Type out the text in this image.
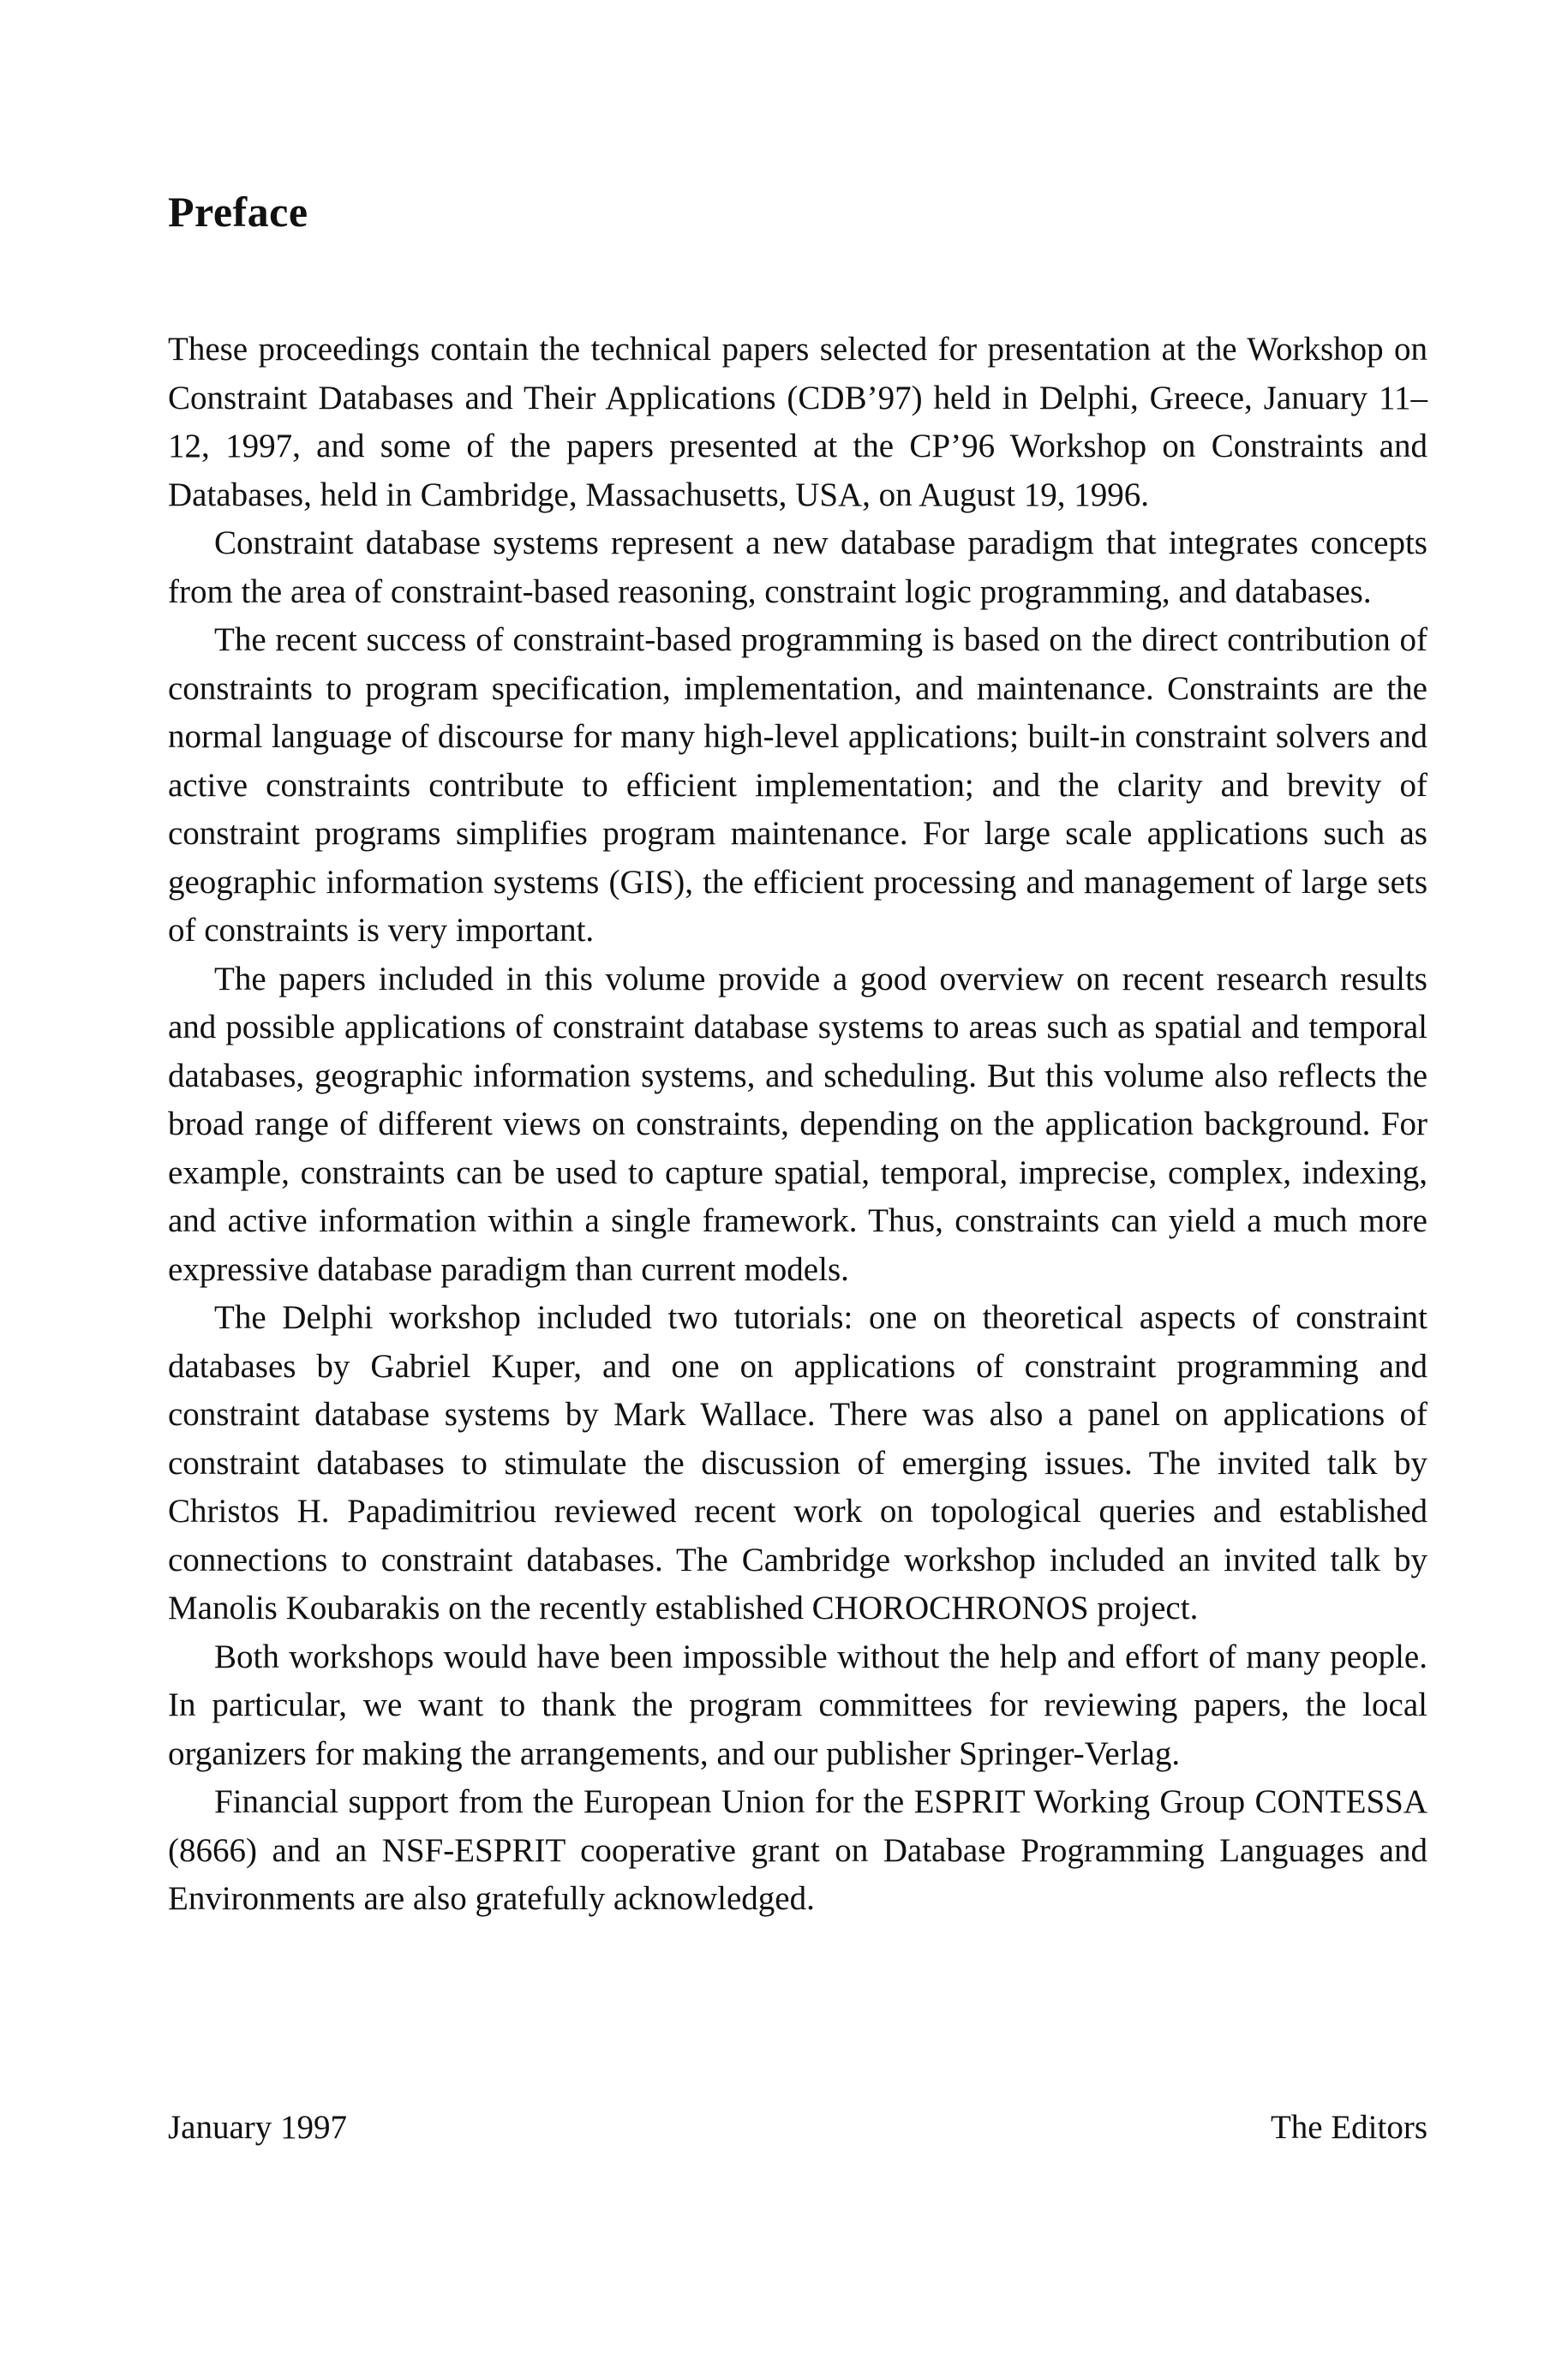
Preface

These proceedings contain the technical papers selected for presentation at the Workshop on Constraint Databases and Their Applications (CDB’97) held in Delphi, Greece, January 11–12, 1997, and some of the papers presented at the CP’96 Workshop on Constraints and Databases, held in Cambridge, Massachusetts, USA, on August 19, 1996.

Constraint database systems represent a new database paradigm that integrates concepts from the area of constraint-based reasoning, constraint logic programming, and databases.

The recent success of constraint-based programming is based on the direct contribution of constraints to program specification, implementation, and maintenance. Constraints are the normal language of discourse for many high-level applications; built-in constraint solvers and active constraints contribute to efficient implementation; and the clarity and brevity of constraint programs simplifies program maintenance. For large scale applications such as geographic information systems (GIS), the efficient processing and management of large sets of constraints is very important.

The papers included in this volume provide a good overview on recent research results and possible applications of constraint database systems to areas such as spatial and temporal databases, geographic information systems, and scheduling. But this volume also reflects the broad range of different views on constraints, depending on the application background. For example, constraints can be used to capture spatial, temporal, imprecise, complex, indexing, and active information within a single framework. Thus, constraints can yield a much more expressive database paradigm than current models.

The Delphi workshop included two tutorials: one on theoretical aspects of constraint databases by Gabriel Kuper, and one on applications of constraint programming and constraint database systems by Mark Wallace. There was also a panel on applications of constraint databases to stimulate the discussion of emerging issues. The invited talk by Christos H. Papadimitriou reviewed recent work on topological queries and established connections to constraint databases. The Cambridge workshop included an invited talk by Manolis Koubarakis on the recently established CHOROCHRONOS project.

Both workshops would have been impossible without the help and effort of many people. In particular, we want to thank the program committees for reviewing papers, the local organizers for making the arrangements, and our publisher Springer-Verlag.

Financial support from the European Union for the ESPRIT Working Group CONTESSA (8666) and an NSF-ESPRIT cooperative grant on Database Programming Languages and Environments are also gratefully acknowledged.

January 1997	The Editors
